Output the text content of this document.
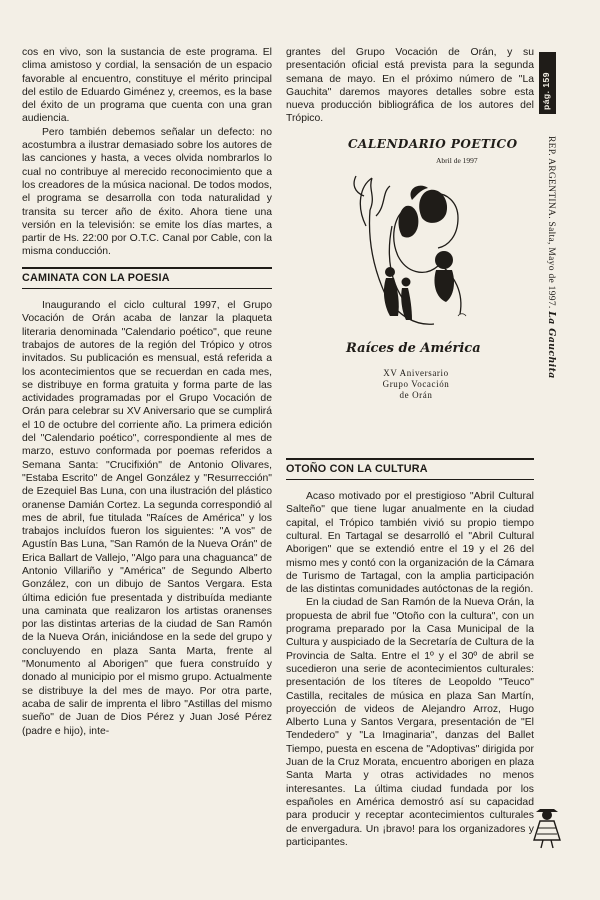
cos en vivo, son la sustancia de este programa. El clima amistoso y cordial, la sensación de un espacio favorable al encuentro, constituye el mérito principal del estilo de Eduardo Giménez y, creemos, es la base del éxito de un programa que cuenta con una gran audiencia.

Pero también debemos señalar un defecto: no acostumbra a ilustrar demasiado sobre los autores de las canciones y hasta, a veces olvida nombrarlos lo cual no contribuye al merecido reconocimiento que a los creadores de la música nacional. De todos modos, el programa se desarrolla con toda naturalidad y transita su tercer año de éxito. Ahora tiene una versión en la televisión: se emite los días martes, a partir de Hs. 22:00 por O.T.C. Canal por Cable, con la misma conducción.

CAMINATA CON LA POESIA

Inaugurando el ciclo cultural 1997, el Grupo Vocación de Orán acaba de lanzar la plaqueta literaria denominada "Calendario poético", que reune trabajos de autores de la región del Trópico y otros invitados. Su publicación es mensual, está referida a los acontecimientos que se recuerdan en cada mes, se distribuye en forma gratuita y forma parte de las actividades programadas por el Grupo Vocación de Orán para celebrar su XV Aniversario que se cumplirá el 10 de octubre del corriente año. La primera edición del "Calendario poético", correspondiente al mes de marzo, estuvo conformada por poemas referidos a Semana Santa: "Crucifixión" de Antonio Olivares, "Estaba Escrito" de Angel González y "Resurrección" de Ezequiel Bas Luna, con una ilustración del plástico oranense Damián Cortez. La segunda correspondió al mes de abril, fue titulada "Raíces de América" y los trabajos incluídos fueron los siguientes: "A vos" de Agustín Bas Luna, "San Ramón de la Nueva Orán" de Erica Ballart de Vallejo, "Algo para una chaguanca" de Antonio Villariño y "América" de Segundo Alberto González, con un dibujo de Santos Vergara. Esta última edición fue presentada y distribuída mediante una caminata que realizaron los artistas oranenses por las distintas arterias de la ciudad de San Ramón de la Nueva Orán, iniciándose en la sede del grupo y concluyendo en plaza Santa Marta, frente al "Monumento al Aborigen" que fuera construído y donado al municipio por el mismo grupo. Actualmente se distribuye la del mes de mayo. Por otra parte, acaba de salir de imprenta el libro "Astillas del mismo sueño" de Juan de Dios Pérez y Juan José Pérez (padre e hijo), inte-

grantes del Grupo Vocación de Orán, y su presentación oficial está prevista para la segunda semana de mayo. En el próximo número de "La Gauchita" daremos mayores detalles sobre esta nueva producción bibliográfica de los autores del Trópico.

CALENDARIO POETICO
Abril de 1997
Raíces de América
XV Aniversario
Grupo Vocación
de Orán
OTOÑO CON LA CULTURA

Acaso motivado por el prestigioso "Abril Cultural Salteño" que tiene lugar anualmente en la ciudad capital, el Trópico también vivió su propio tiempo cultural. En Tartagal se desarrolló el "Abril Cultural Aborigen" que se extendió entre el 19 y el 26 del mismo mes y contó con la organización de la Cámara de Turismo de Tartagal, con la amplia participación de las distintas comunidades autóctonas de la región.

En la ciudad de San Ramón de la Nueva Orán, la propuesta de abril fue "Otoño con la cultura", con un programa preparado por la Casa Municipal de la Cultura y auspiciado de la Secretaría de Cultura de la Provincia de Salta. Entre el 1º y el 30º de abril se sucedieron una serie de acontecimientos culturales: presentación de los títeres de Leopoldo "Teuco" Castilla, recitales de música en plaza San Martín, proyección de videos de Alejandro Arroz, Hugo Alberto Luna y Santos Vergara, presentación de "El Tendedero" y "La Imaginaria", danzas del Ballet Tiempo, puesta en escena de "Adoptivas" dirigida por Juan de la Cruz Morata, encuentro aborigen en plaza Santa Marta y otras actividades no menos interesantes. La última ciudad fundada por los españoles en América demostró así su capacidad para producir y receptar acontecimientos culturales de envergadura. Un ¡bravo! para los organizadores y participantes.

pág. 159
REP. ARGENTINA. Salta, Mayo de 1997. La Gauchita
